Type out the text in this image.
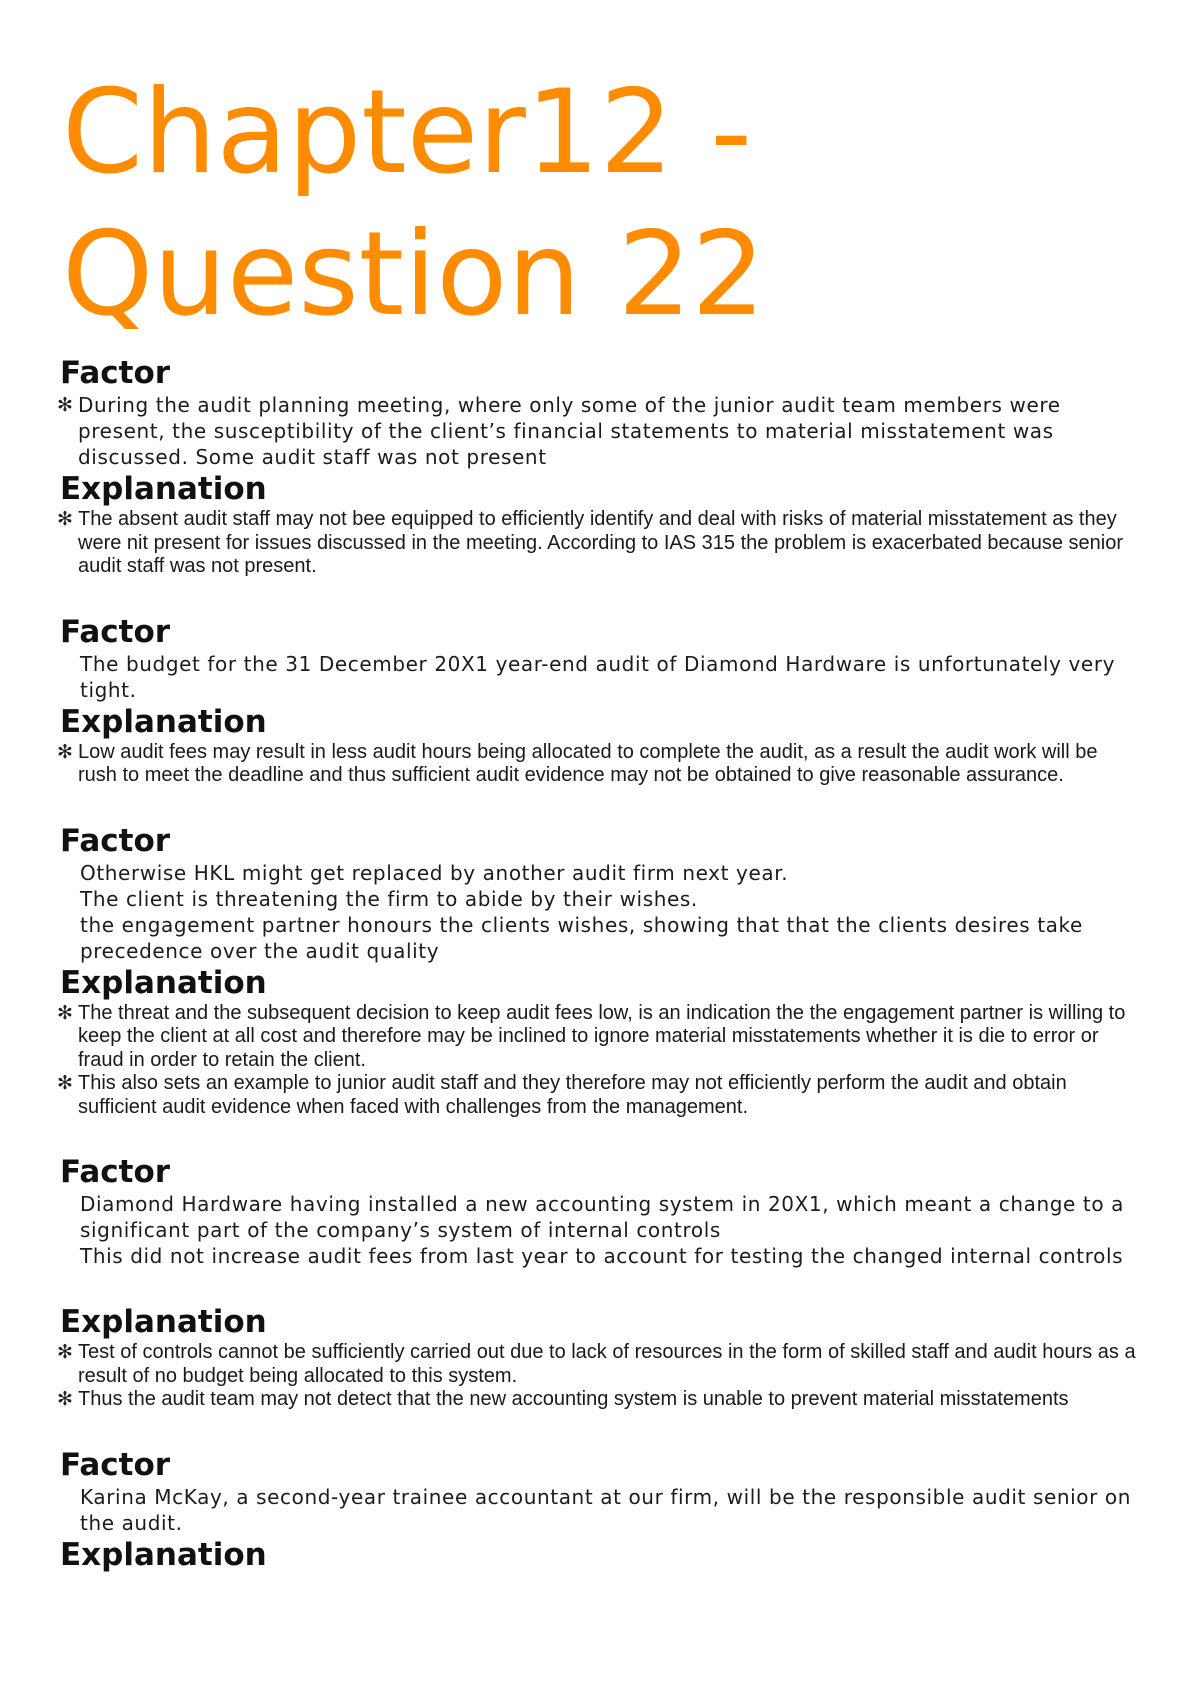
Chapter12 - Question 22
Factor
✻ During the audit planning meeting, where only some of the junior audit team members were present, the susceptibility of the client’s financial statements to material misstatement was discussed. Some audit staff was not present
Explanation
✻ The absent audit staff may not bee equipped to efficiently identify and deal with risks of material misstatement as they were nit present for issues discussed in the meeting. According to IAS 315 the problem is exacerbated because senior audit staff was not present.
Factor
The budget for the 31 December 20X1 year-end audit of Diamond Hardware is unfortunately very tight.
Explanation
✻ Low audit fees may result in less audit hours being allocated to complete the audit, as a result the audit work will be rush to meet the deadline and thus sufficient audit evidence may not be obtained to give reasonable assurance.
Factor
Otherwise HKL might get replaced by another audit firm next year.
The client is threatening the firm to abide by their wishes.
the engagement partner honours the clients wishes, showing that that the clients desires take precedence over the audit quality
Explanation
✻ The threat and the subsequent decision to keep audit fees low, is an indication the the engagement partner is willing to keep the client at all cost and therefore may be inclined to ignore material misstatements whether it is die to error or fraud in order to retain the client.
✻ This also sets an example to junior audit staff and they therefore may not efficiently perform the audit and obtain sufficient audit evidence when faced with challenges from the management.
Factor
Diamond Hardware having installed a new accounting system in 20X1, which meant a change to a significant part of the company’s system of internal controls
This did not increase audit fees from last year to account for testing the changed internal controls
Explanation
✻ Test of controls cannot be sufficiently carried out due to lack of resources in the form of skilled staff and audit hours as a result of no budget being allocated to this system.
✻ Thus the audit team may not detect that the new accounting system is unable to prevent material misstatements
Factor
Karina McKay, a second-year trainee accountant at our firm, will be the responsible audit senior on the audit.
Explanation
